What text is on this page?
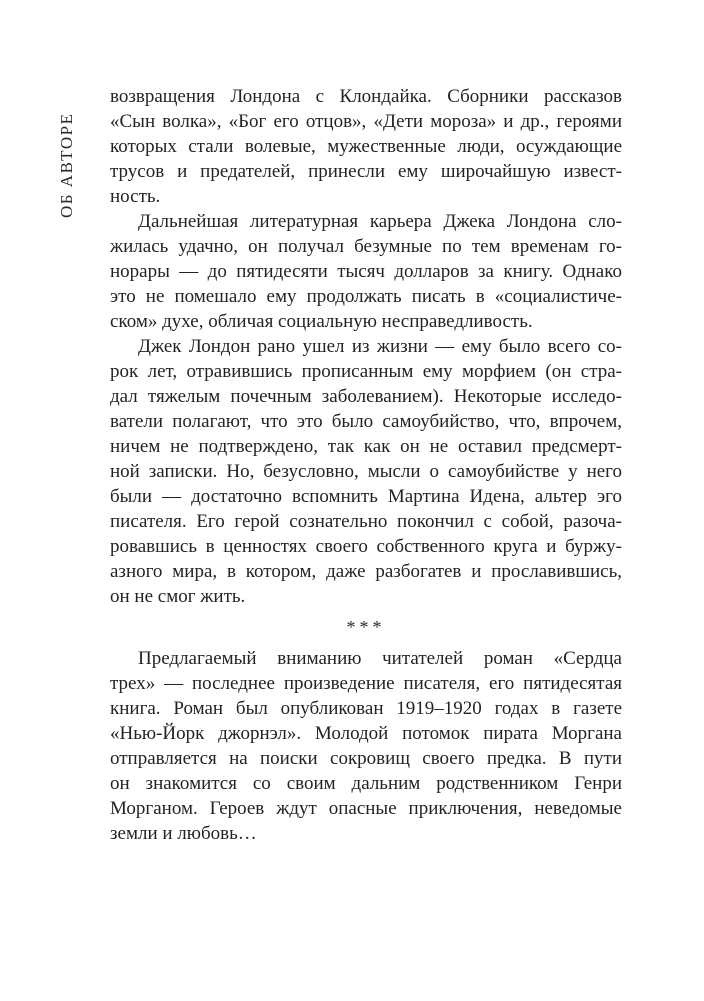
ОБ АВТОРЕ
возвращения Лондона с Клондайка. Сборники рассказов
«Сын волка», «Бог его отцов», «Дети мороза» и др., героями
которых стали волевые, мужественные люди, осуждающие
трусов и предателей, принесли ему широчайшую извест-
ность.
Дальнейшая литературная карьера Джека Лондона сло-
жилась удачно, он получал безумные по тем временам го-
норары — до пятидесяти тысяч долларов за книгу. Однако
это не помешало ему продолжать писать в «социалистиче-
ском» духе, обличая социальную несправедливость.
Джек Лондон рано ушел из жизни — ему было всего со-
рок лет, отравившись прописанным ему морфием (он стра-
дал тяжелым почечным заболеванием). Некоторые исследо-
ватели полагают, что это было самоубийство, что, впрочем,
ничем не подтверждено, так как он не оставил предсмерт-
ной записки. Но, безусловно, мысли о самоубийстве у него
были — достаточно вспомнить Мартина Идена, альтер эго
писателя. Его герой сознательно покончил с собой, разоча-
ровавшись в ценностях своего собственного круга и буржу-
азного мира, в котором, даже разбогатев и прославившись,
он не смог жить.
***
Предлагаемый вниманию читателей роман «Сердца
трех» — последнее произведение писателя, его пятидесятая
книга. Роман был опубликован 1919–1920 годах в газете
«Нью-Йорк джорнэл». Молодой потомок пирата Моргана
отправляется на поиски сокровищ своего предка. В пути
он знакомится со своим дальним родственником Генри
Морганом. Героев ждут опасные приключения, неведомые
земли и любовь…
